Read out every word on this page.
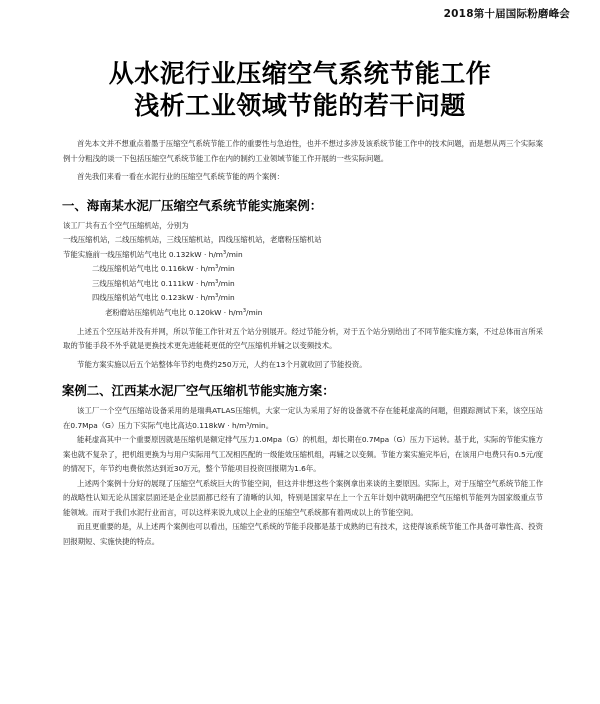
2018第十届国际粉磨峰会
从水泥行业压缩空气系统节能工作
浅析工业领域节能的若干问题

首先本文并不想重点着墨于压缩空气系统节能工作的重要性与急迫性，也并不想过多涉及该系统节能工作中的技术问题，而是想从两三个实际案例十分粗浅的谈一下包括压缩空气系统节能工作在内的制约工业领域节能工作开展的一些实际问题。

首先我们来看一看在水泥行业的压缩空气系统节能的两个案例：

一、海南某水泥厂压缩空气系统节能实施案例：
该工厂共有五个空气压缩机站，分别为
一线压缩机站，二线压缩机站，三线压缩机站，四线压缩机站，老磨粉压缩机站
节能实施前一线压缩机站气电比 $0.132kW \cdot h/m^3/\min$
二线压缩机站气电比 $0.116kW \cdot h/m^3/\min$
三线压缩机站气电比 $0.111kW \cdot h/m^3/\min$
四线压缩机站气电比 $0.123kW \cdot h/m^3/\min$
老粉磨站压缩机站气电比 $0.120kW \cdot h/m^3/\min$

上述五个空压站并没有并网，所以节能工作针对五个站分别展开。经过节能分析，对于五个站分别给出了不同节能实施方案，不过总体而言所采取的节能手段不外乎就是更换技术更先进能耗更低的空气压缩机并辅之以变频技术。

节能方案实施以后五个站整体年节约电费约250万元，人约在13个月就收回了节能投资。

案例二、江西某水泥厂空气压缩机节能实施方案：

该工厂一个空气压缩站设备采用的是瑞典ATLAS压缩机，大家一定认为采用了好的设备就不存在能耗虚高的问题，但跟踪测试下来，该空压站在0.7Mpa（G）压力下实际气电比高达0.118kW · h/m³/min。

能耗虚高其中一个重要原因就是压缩机是额定排气压力1.0Mpa（G）的机组，却长期在0.7Mpa（G）压力下运转。基于此，实际的节能实施方案也就不复杂了，把机组更换为与用户实际用气工况相匹配的一级能效压缩机组，再辅之以变频。节能方案实施完毕后，在该用户电费只有0.5元/度的情况下，年节约电费依然达到近30万元，整个节能项目投资回报期为1.6年。

上述两个案例十分好的展现了压缩空气系统巨大的节能空间，但这并非想这些个案例拿出来谈的主要原因。实际上，对于压缩空气系统节能工作的战略性认知无论从国家层面还是企业层面都已经有了清晰的认知，特别是国家早在上一个五年计划中就明确把空气压缩机节能列为国家级重点节能领域。而对于我们水泥行业而言，可以这样来说九成以上企业的压缩空气系统都有着两成以上的节能空间。

而且更重要的是，从上述两个案例也可以看出，压缩空气系统的节能手段都是基于成熟的已有技术，这使得该系统节能工作具备可靠性高、投资回报期短、实施快捷的特点。
